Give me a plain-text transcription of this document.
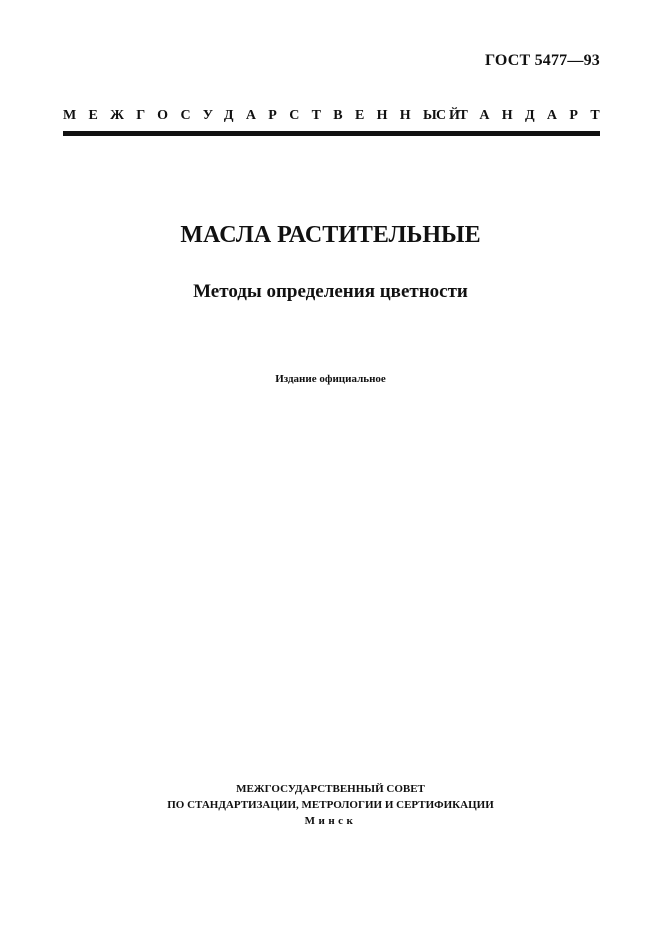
ГОСТ 5477—93
МЕЖГОСУДАРСТВЕННЫЙ
СТАНДАРТ
МАСЛА РАСТИТЕЛЬНЫЕ
Методы определения цветности
Издание официальное
МЕЖГОСУДАРСТВЕННЫЙ СОВЕТ
ПО СТАНДАРТИЗАЦИИ, МЕТРОЛОГИИ И СЕРТИФИКАЦИИ
Минск
